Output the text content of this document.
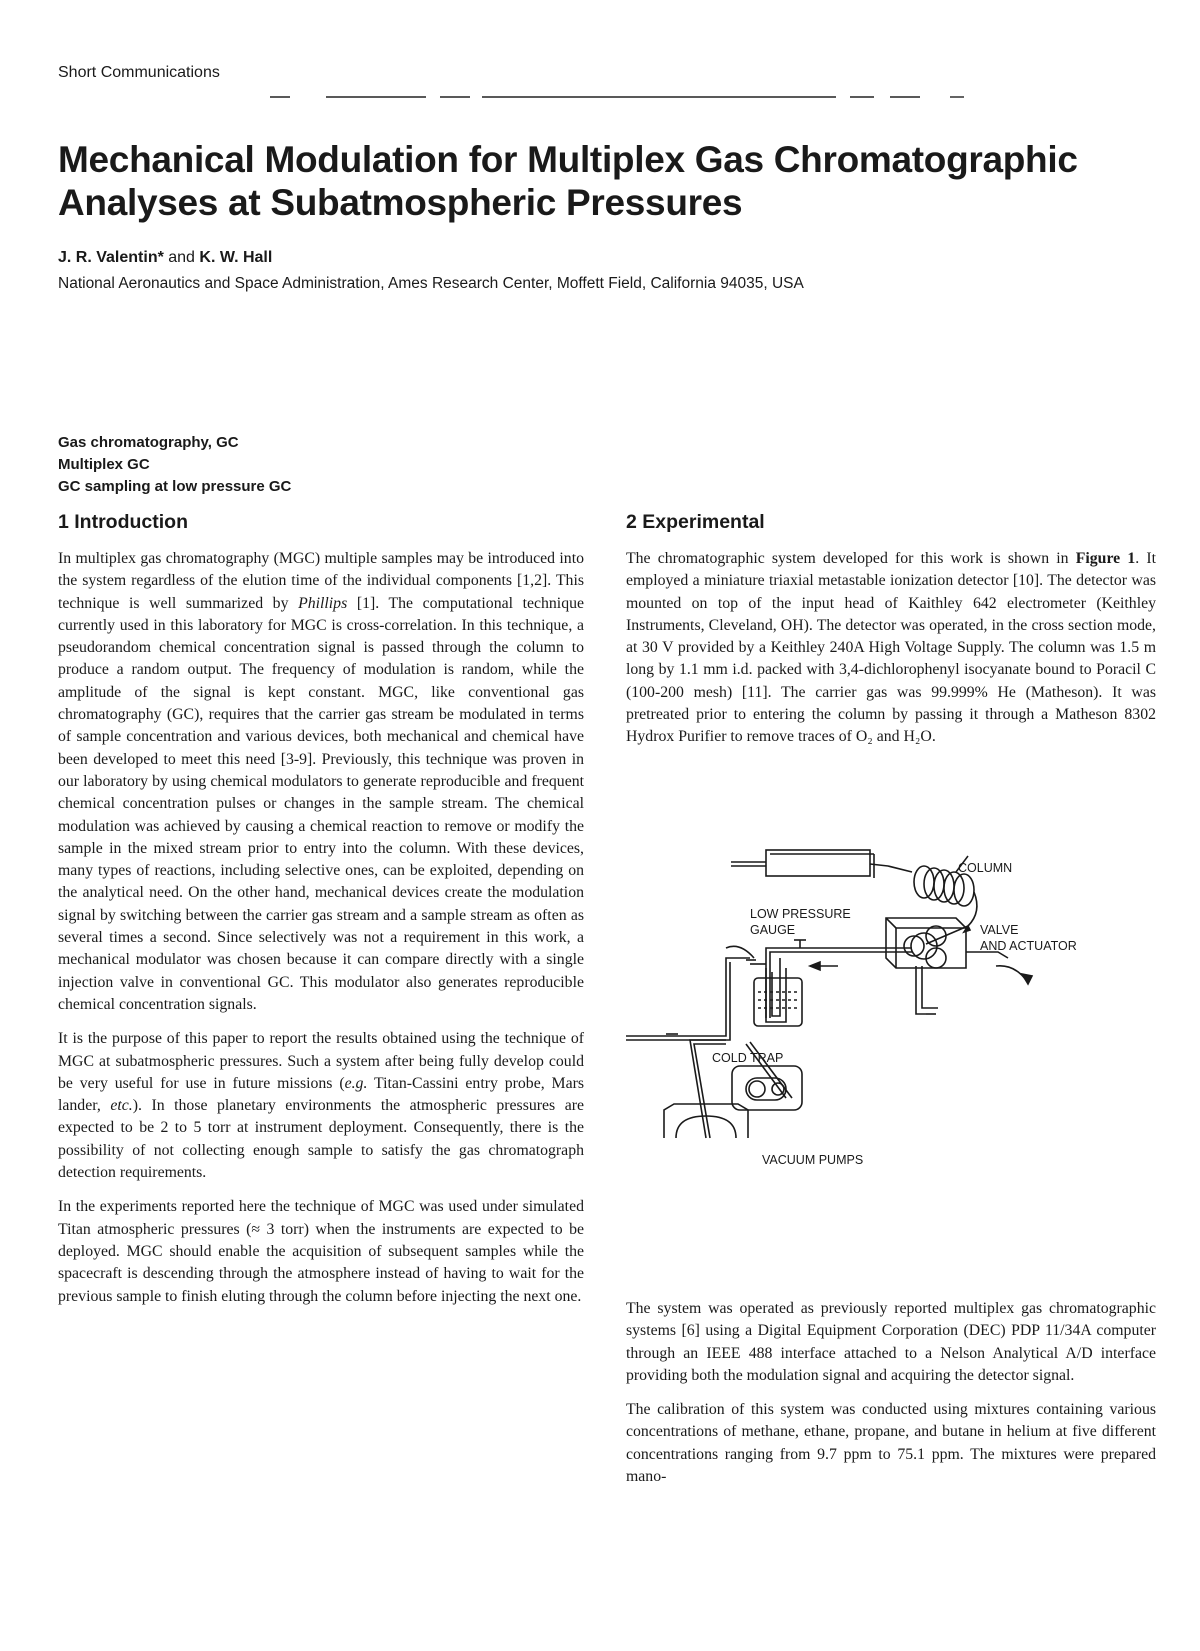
Short Communications
Mechanical Modulation for Multiplex Gas Chromatographic Analyses at Subatmospheric Pressures

J. R. Valentin* and K. W. Hall

National Aeronautics and Space Administration, Ames Research Center, Moffett Field, California 94035, USA

Gas chromatography, GC
Multiplex GC
GC sampling at low pressure GC
1 Introduction

In multiplex gas chromatography (MGC) multiple samples may be introduced into the system regardless of the elution time of the individual components [1,2]. This technique is well summarized by Phillips [1]. The computational technique currently used in this laboratory for MGC is cross-correlation. In this technique, a pseudorandom chemical concentration signal is passed through the column to produce a random output. The frequency of modulation is random, while the amplitude of the signal is kept constant. MGC, like conventional gas chromatography (GC), requires that the carrier gas stream be modulated in terms of sample concentration and various devices, both mechanical and chemical have been developed to meet this need [3-9]. Previously, this technique was proven in our laboratory by using chemical modulators to generate reproducible and frequent chemical concentration pulses or changes in the sample stream. The chemical modulation was achieved by causing a chemical reaction to remove or modify the sample in the mixed stream prior to entry into the column. With these devices, many types of reactions, including selective ones, can be exploited, depending on the analytical need. On the other hand, mechanical devices create the modulation signal by switching between the carrier gas stream and a sample stream as often as several times a second. Since selectively was not a requirement in this work, a mechanical modulator was chosen because it can compare directly with a single injection valve in conventional GC. This modulator also generates reproducible chemical concentration signals.

It is the purpose of this paper to report the results obtained using the technique of MGC at subatmospheric pressures. Such a system after being fully develop could be very useful for use in future missions (e.g. Titan-Cassini entry probe, Mars lander, etc.). In those planetary environments the atmospheric pressures are expected to be 2 to 5 torr at instrument deployment. Consequently, there is the possibility of not collecting enough sample to satisfy the gas chromatograph detection requirements.

In the experiments reported here the technique of MGC was used under simulated Titan atmospheric pressures (≈ 3 torr) when the instruments are expected to be deployed. MGC should enable the acquisition of subsequent samples while the spacecraft is descending through the atmosphere instead of having to wait for the previous sample to finish eluting through the column before injecting the next one.

2 Experimental

The chromatographic system developed for this work is shown in Figure 1. It employed a miniature triaxial metastable ionization detector [10]. The detector was mounted on top of the input head of Kaithley 642 electrometer (Keithley Instruments, Cleveland, OH). The detector was operated, in the cross section mode, at 30 V provided by a Keithley 240A High Voltage Supply. The column was 1.5 m long by 1.1 mm i.d. packed with 3,4-dichlorophenyl isocyanate bound to Poracil C (100-200 mesh) [11]. The carrier gas was 99.999% He (Matheson). It was pretreated prior to entering the column by passing it through a Matheson 8302 Hydrox Purifier to remove traces of O₂ and H₂O.

COLUMN
LOW PRESSURE
GAUGE	VALVE
AND ACTUATOR
COLD TRAP
VACUUM PUMPS

The system was operated as previously reported multiplex gas chromatographic systems [6] using a Digital Equipment Corporation (DEC) PDP 11/34A computer through an IEEE 488 interface attached to a Nelson Analytical A/D interface providing both the modulation signal and acquiring the detector signal.

The calibration of this system was conducted using mixtures containing various concentrations of methane, ethane, propane, and butane in helium at five different concentrations ranging from 9.7 ppm to 75.1 ppm. The mixtures were prepared mano-
